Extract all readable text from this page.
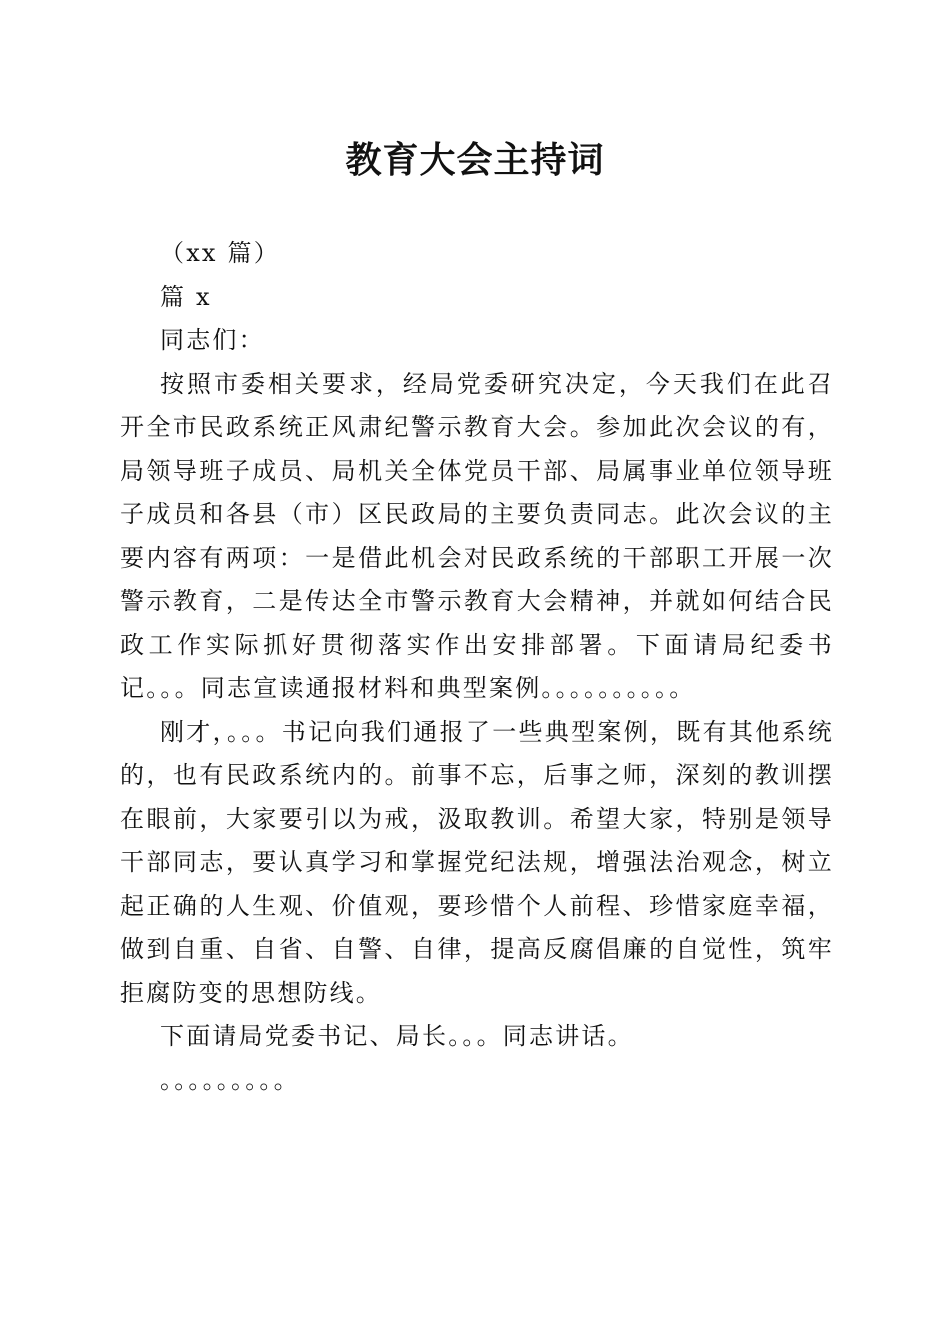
教育大会主持词

（xx 篇）

篇 x

同志们：

按照市委相关要求，经局党委研究决定，今天我们在此召开全市民政系统正风肃纪警示教育大会。参加此次会议的有，局领导班子成员、局机关全体党员干部、局属事业单位领导班子成员和各县（市）区民政局的主要负责同志。此次会议的主要内容有两项：一是借此机会对民政系统的干部职工开展一次警示教育，二是传达全市警示教育大会精神，并就如何结合民政工作实际抓好贯彻落实作出安排部署。下面请局纪委书记。。。同志宣读通报材料和典型案例。。。。。。。。。。

刚才，。。。书记向我们通报了一些典型案例，既有其他系统的，也有民政系统内的。前事不忘，后事之师，深刻的教训摆在眼前，大家要引以为戒，汲取教训。希望大家，特别是领导干部同志，要认真学习和掌握党纪法规，增强法治观念，树立起正确的人生观、价值观，要珍惜个人前程、珍惜家庭幸福，做到自重、自省、自警、自律，提高反腐倡廉的自觉性，筑牢拒腐防变的思想防线。

下面请局党委书记、局长。。。同志讲话。

。。。。。。。。。
